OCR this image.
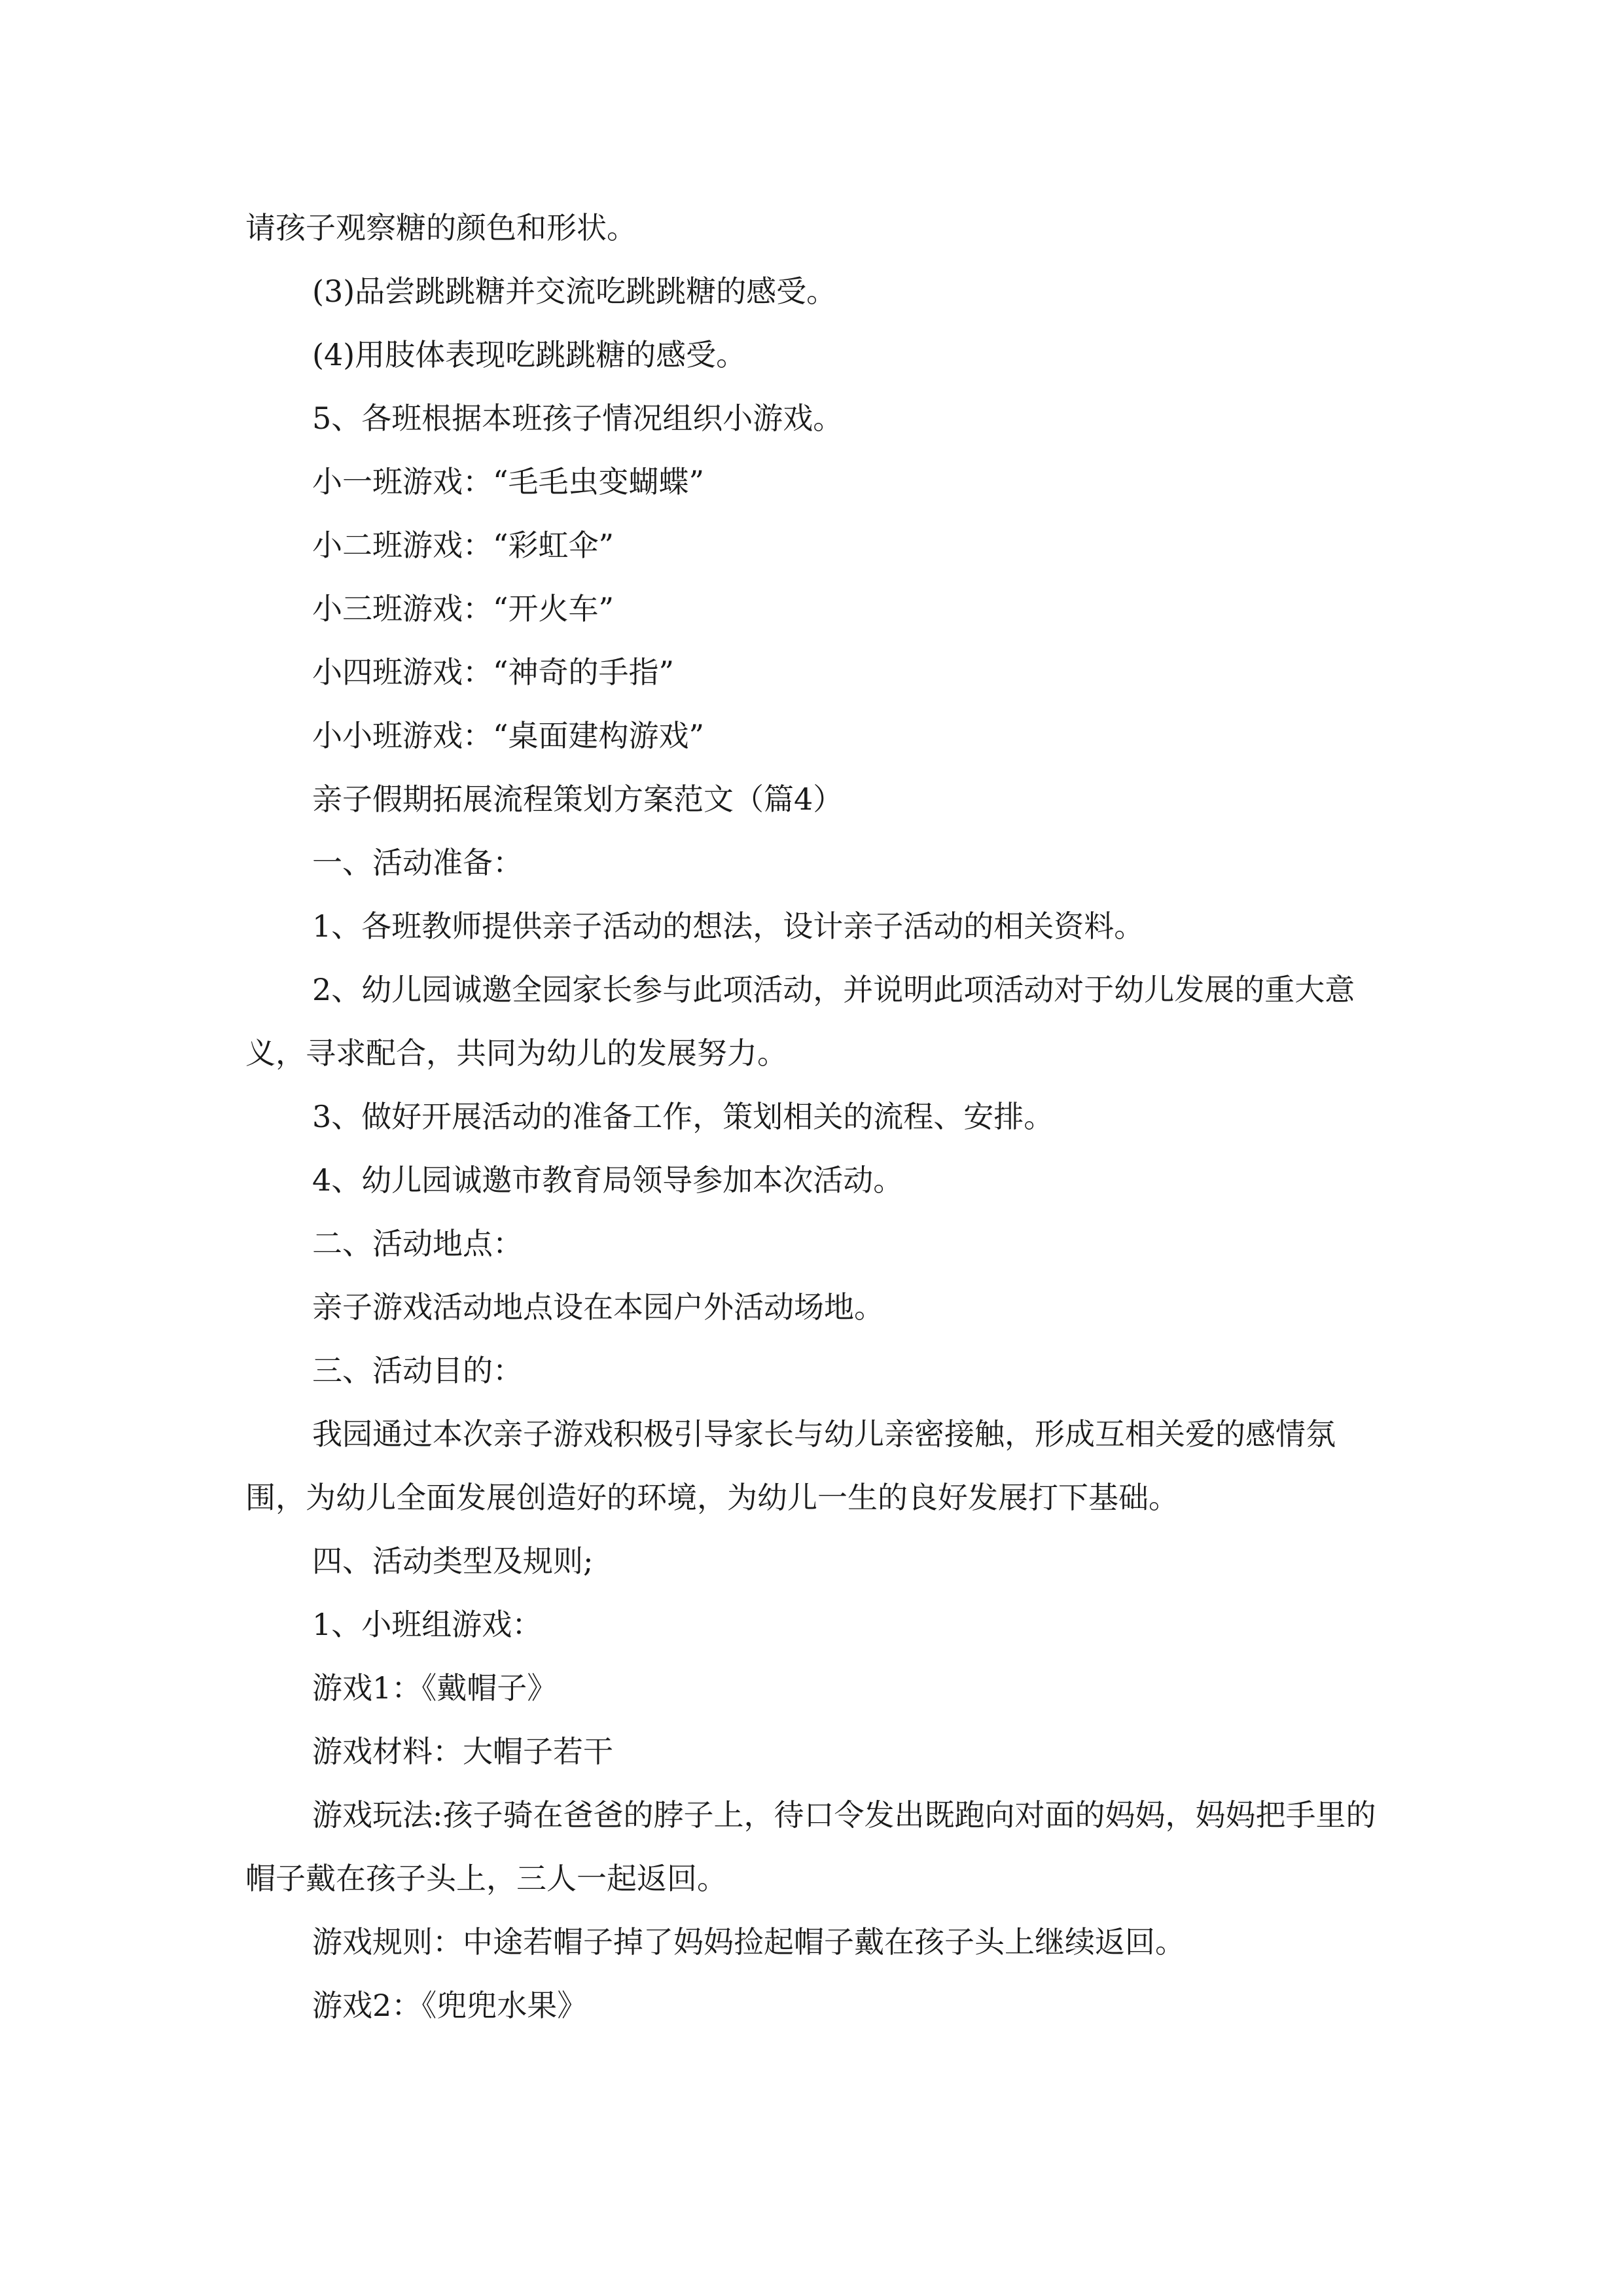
请孩子观察糖的颜色和形状。

(3)品尝跳跳糖并交流吃跳跳糖的感受。

(4)用肢体表现吃跳跳糖的感受。

5、各班根据本班孩子情况组织小游戏。

小一班游戏：“毛毛虫变蝴蝶”

小二班游戏：“彩虹伞”

小三班游戏：“开火车”

小四班游戏：“神奇的手指”

小小班游戏：“桌面建构游戏”

亲子假期拓展流程策划方案范文（篇4）

一、活动准备：

1、各班教师提供亲子活动的想法，设计亲子活动的相关资料。

2、幼儿园诚邀全园家长参与此项活动，并说明此项活动对于幼儿发展的重大意义，寻求配合，共同为幼儿的发展努力。

3、做好开展活动的准备工作，策划相关的流程、安排。

4、幼儿园诚邀市教育局领导参加本次活动。

二、活动地点：

亲子游戏活动地点设在本园户外活动场地。

三、活动目的：

我园通过本次亲子游戏积极引导家长与幼儿亲密接触，形成互相关爱的感情氛围，为幼儿全面发展创造好的环境，为幼儿一生的良好发展打下基础。

四、活动类型及规则;

1、小班组游戏：

游戏1：《戴帽子》

游戏材料：大帽子若干

游戏玩法:孩子骑在爸爸的脖子上，待口令发出既跑向对面的妈妈，妈妈把手里的帽子戴在孩子头上，三人一起返回。

游戏规则：中途若帽子掉了妈妈捡起帽子戴在孩子头上继续返回。

游戏2：《兜兜水果》
